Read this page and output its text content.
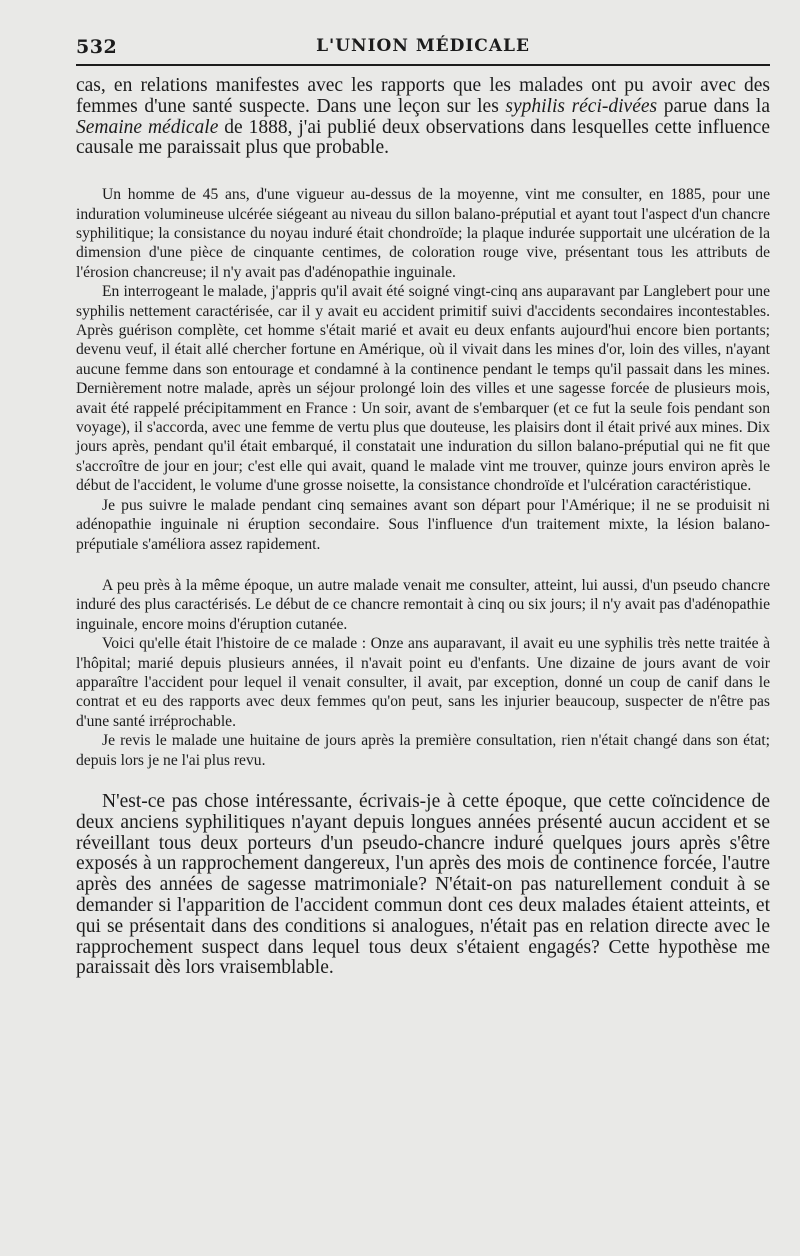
532	L'UNION MÉDICALE

cas, en relations manifestes avec les rapports que les malades ont pu avoir avec des femmes d'une santé suspecte. Dans une leçon sur les syphilis réci-divées parue dans la Semaine médicale de 1888, j'ai publié deux observations dans lesquelles cette influence causale me paraissait plus que probable.

Un homme de 45 ans, d'une vigueur au-dessus de la moyenne, vint me consulter, en 1885, pour une induration volumineuse ulcérée siégeant au niveau du sillon balano-préputial et ayant tout l'aspect d'un chancre syphilitique; la consistance du noyau induré était chondroïde; la plaque indurée supportait une ulcération de la dimension d'une pièce de cinquante centimes, de coloration rouge vive, présentant tous les attributs de l'érosion chancreuse; il n'y avait pas d'adénopathie inguinale.

En interrogeant le malade, j'appris qu'il avait été soigné vingt-cinq ans auparavant par Langlebert pour une syphilis nettement caractérisée, car il y avait eu accident primitif suivi d'accidents secondaires incontestables. Après guérison complète, cet homme s'était marié et avait eu deux enfants aujourd'hui encore bien portants; devenu veuf, il était allé chercher fortune en Amérique, où il vivait dans les mines d'or, loin des villes, n'ayant aucune femme dans son entourage et condamné à la continence pendant le temps qu'il passait dans les mines. Dernièrement notre malade, après un séjour prolongé loin des villes et une sagesse forcée de plusieurs mois, avait été rappelé précipitamment en France : Un soir, avant de s'embarquer (et ce fut la seule fois pendant son voyage), il s'accorda, avec une femme de vertu plus que douteuse, les plaisirs dont il était privé aux mines. Dix jours après, pendant qu'il était embarqué, il constatait une induration du sillon balano-préputial qui ne fit que s'accroître de jour en jour; c'est elle qui avait, quand le malade vint me trouver, quinze jours environ après le début de l'accident, le volume d'une grosse noisette, la consistance chondroïde et l'ulcération caractéristique.

Je pus suivre le malade pendant cinq semaines avant son départ pour l'Amérique; il ne se produisit ni adénopathie inguinale ni éruption secondaire. Sous l'influence d'un traitement mixte, la lésion balano-préputiale s'améliora assez rapidement.

A peu près à la même époque, un autre malade venait me consulter, atteint, lui aussi, d'un pseudo chancre induré des plus caractérisés. Le début de ce chancre remontait à cinq ou six jours; il n'y avait pas d'adénopathie inguinale, encore moins d'éruption cutanée.

Voici qu'elle était l'histoire de ce malade : Onze ans auparavant, il avait eu une syphilis très nette traitée à l'hôpital; marié depuis plusieurs années, il n'avait point eu d'enfants. Une dizaine de jours avant de voir apparaître l'accident pour lequel il venait consulter, il avait, par exception, donné un coup de canif dans le contrat et eu des rapports avec deux femmes qu'on peut, sans les injurier beaucoup, suspecter de n'être pas d'une santé irréprochable.

Je revis le malade une huitaine de jours après la première consultation, rien n'était changé dans son état; depuis lors je ne l'ai plus revu.

N'est-ce pas chose intéressante, écrivais-je à cette époque, que cette coïncidence de deux anciens syphilitiques n'ayant depuis longues années présenté aucun accident et se réveillant tous deux porteurs d'un pseudo-chancre induré quelques jours après s'être exposés à un rapprochement dangereux, l'un après des mois de continence forcée, l'autre après des années de sagesse matrimoniale? N'était-on pas naturellement conduit à se demander si l'apparition de l'accident commun dont ces deux malades étaient atteints, et qui se présentait dans des conditions si analogues, n'était pas en relation directe avec le rapprochement suspect dans lequel tous deux s'étaient engagés? Cette hypothèse me paraissait dès lors vraisemblable.
